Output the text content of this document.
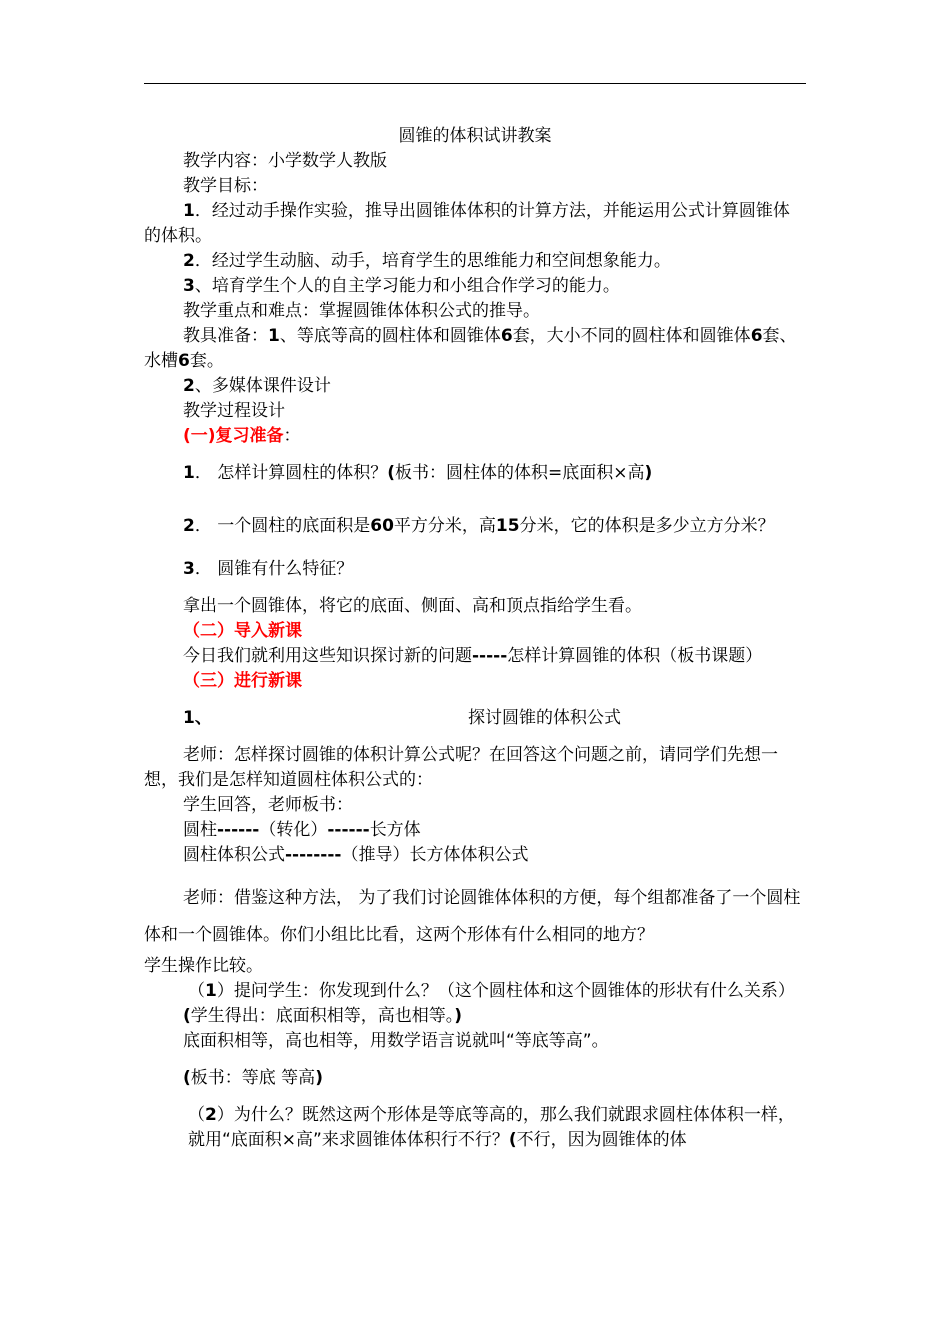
圆锥的体积试讲教案

教学内容：小学数学人教版

教学目标：

1．经过动手操作实验，推导出圆锥体体积的计算方法，并能运用公式计算圆锥体的体积。

2．经过学生动脑、动手，培育学生的思维能力和空间想象能力。

3、培育学生个人的自主学习能力和小组合作学习的能力。

教学重点和难点：掌握圆锥体体积公式的推导。

教具准备：1、等底等高的圆柱体和圆锥体6套，大小不同的圆柱体和圆锥体6套、水槽6套。

2、多媒体课件设计

教学过程设计

(一)复习准备：

1． 怎样计算圆柱的体积？(板书：圆柱体的体积=底面积×高)

2． 一个圆柱的底面积是60平方分米，高15分米，它的体积是多少立方分米？

3． 圆锥有什么特征？

拿出一个圆锥体，将它的底面、侧面、高和顶点指给学生看。

（二）导入新课

今日我们就利用这些知识探讨新的问题-----怎样计算圆锥的体积（板书课题）

（三）进行新课

1、	探讨圆锥的体积公式

老师：怎样探讨圆锥的体积计算公式呢？在回答这个问题之前，请同学们先想一想，我们是怎样知道圆柱体积公式的：

学生回答，老师板书：

圆柱------（转化）------长方体

圆柱体积公式--------（推导）长方体体积公式

老师：借鉴这种方法， 为了我们讨论圆锥体体积的方便，每个组都准备了一个圆柱体和一个圆锥体。你们小组比比看，这两个形体有什么相同的地方？

学生操作比较。

（1）提问学生：你发现到什么？（这个圆柱体和这个圆锥体的形状有什么关系）

(学生得出：底面积相等，高也相等。)

底面积相等，高也相等，用数学语言说就叫“等底等高”。

(板书：等底 等高)

（2）为什么？既然这两个形体是等底等高的，那么我们就跟求圆柱体体积一样，就用“底面积×高”来求圆锥体体积行不行？(不行，因为圆锥体的体
